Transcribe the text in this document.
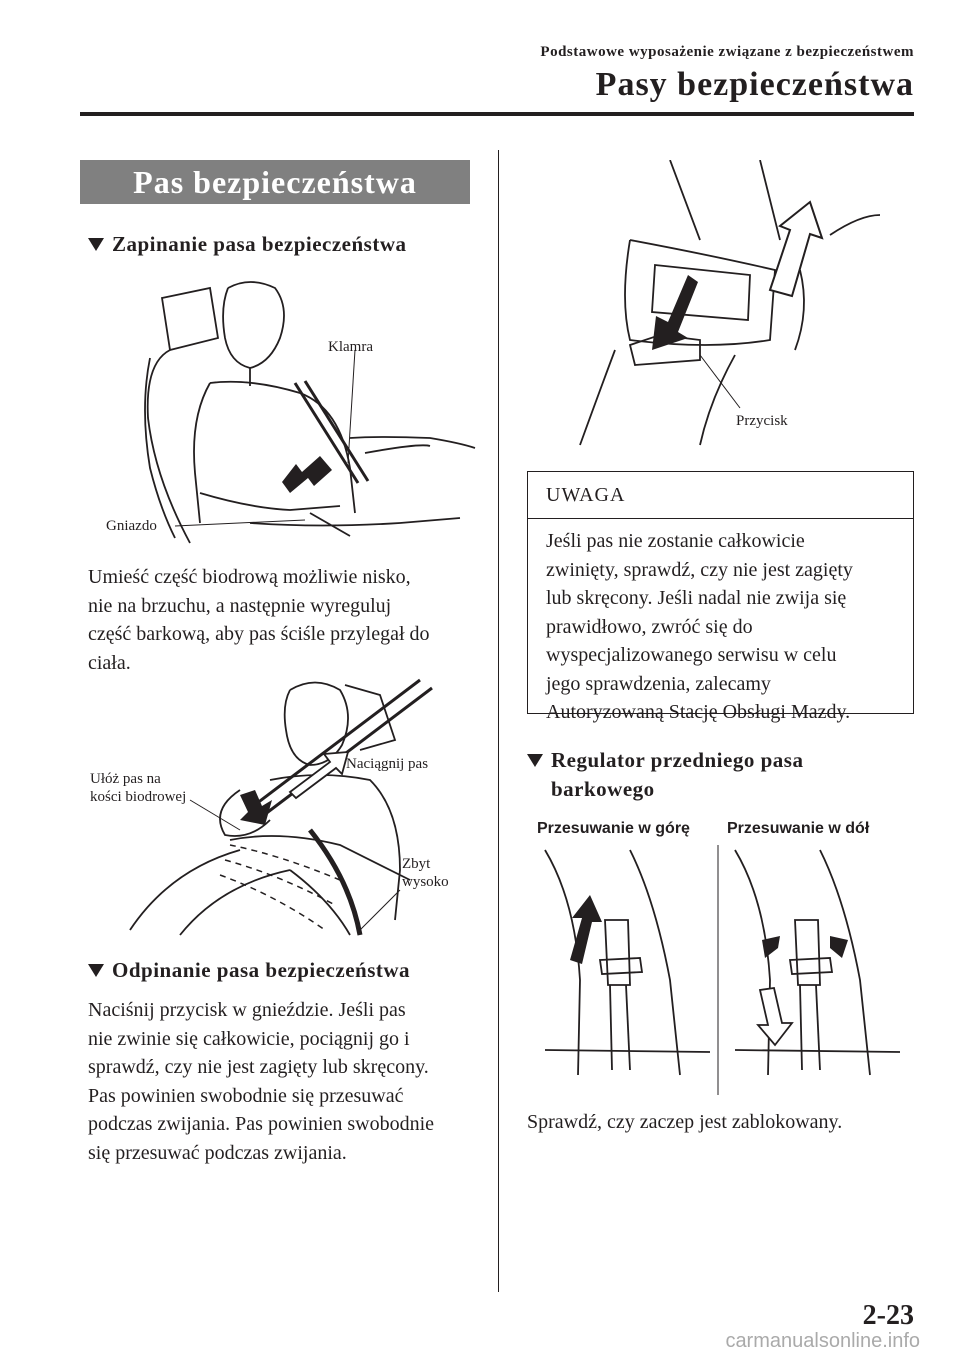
Podstawowe wyposażenie związane z bezpieczeństwem
Pasy bezpieczeństwa
Pas bezpieczeństwa
Zapinanie pasa bezpieczeństwa
Klamra
Gniazdo
Umieść część biodrową możliwie nisko,
nie na brzuchu, a następnie wyreguluj
część barkową, aby pas ściśle przylegał do
ciała.
Ułóż pas na
kości biodrowej
Naciągnij pas
Zbyt
wysoko
Odpinanie pasa bezpieczeństwa
Naciśnij przycisk w gnieździe. Jeśli pas
nie zwinie się całkowicie, pociągnij go i
sprawdź, czy nie jest zagięty lub skręcony.
Pas powinien swobodnie się przesuwać
podczas zwijania. Pas powinien swobodnie
się przesuwać podczas zwijania.
Przycisk
UWAGA
Jeśli pas nie zostanie całkowicie
zwinięty, sprawdź, czy nie jest zagięty
lub skręcony. Jeśli nadal nie zwija się
prawidłowo, zwróć się do
wyspecjalizowanego serwisu w celu
jego sprawdzenia, zalecamy
Autoryzowaną Stację Obsługi Mazdy.
Regulator przedniego pasa
barkowego
Przesuwanie w górę Przesuwanie w dół
Sprawdź, czy zaczep jest zablokowany.
2-23
carmanualsonline.info
